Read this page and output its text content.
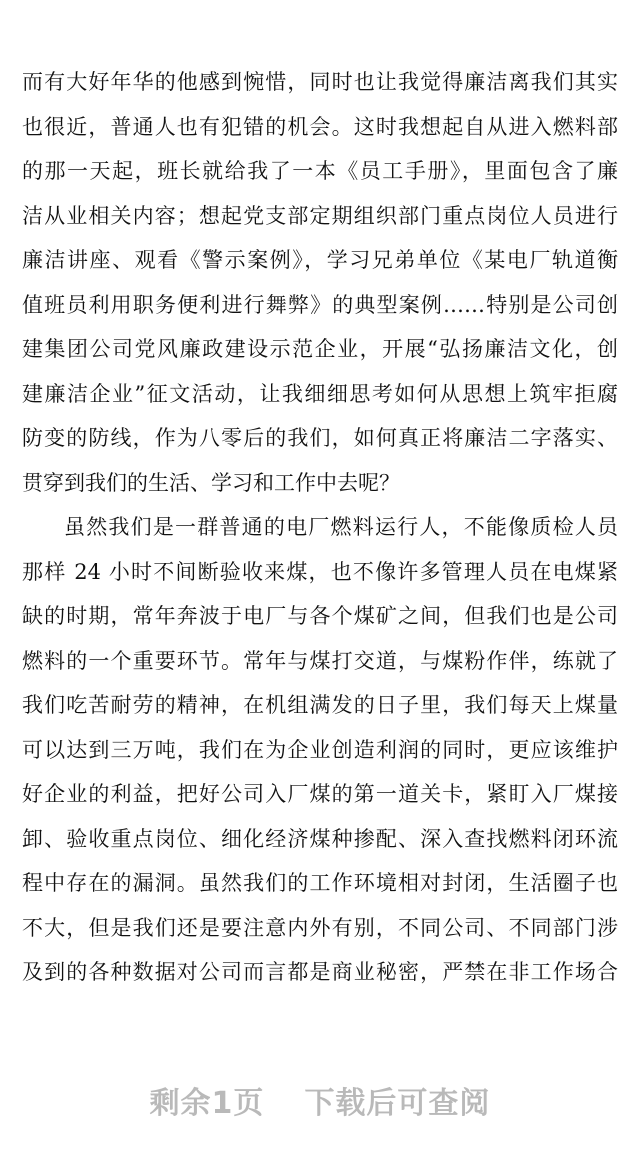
而有大好年华的他感到惋惜，同时也让我觉得廉洁离我们其实
也很近，普通人也有犯错的机会。这时我想起自从进入燃料部
的那一天起，班长就给我了一本《员工手册》，里面包含了廉
洁从业相关内容；想起党支部定期组织部门重点岗位人员进行
廉洁讲座、观看《警示案例》，学习兄弟单位《某电厂轨道衡
值班员利用职务便利进行舞弊》的典型案例……特别是公司创
建集团公司党风廉政建设示范企业，开展“弘扬廉洁文化，创
建廉洁企业”征文活动，让我细细思考如何从思想上筑牢拒腐
防变的防线，作为八零后的我们，如何真正将廉洁二字落实、
贯穿到我们的生活、学习和工作中去呢？
虽然我们是一群普通的电厂燃料运行人，不能像质检人员
那样 24 小时不间断验收来煤，也不像许多管理人员在电煤紧
缺的时期，常年奔波于电厂与各个煤矿之间，但我们也是公司
燃料的一个重要环节。常年与煤打交道，与煤粉作伴，练就了
我们吃苦耐劳的精神，在机组满发的日子里，我们每天上煤量
可以达到三万吨，我们在为企业创造利润的同时，更应该维护
好企业的利益，把好公司入厂煤的第一道关卡，紧盯入厂煤接
卸、验收重点岗位、细化经济煤种掺配、深入查找燃料闭环流
程中存在的漏洞。虽然我们的工作环境相对封闭，生活圈子也
不大，但是我们还是要注意内外有别，不同公司、不同部门涉
及到的各种数据对公司而言都是商业秘密，严禁在非工作场合
剩余1页 下载后可查阅
